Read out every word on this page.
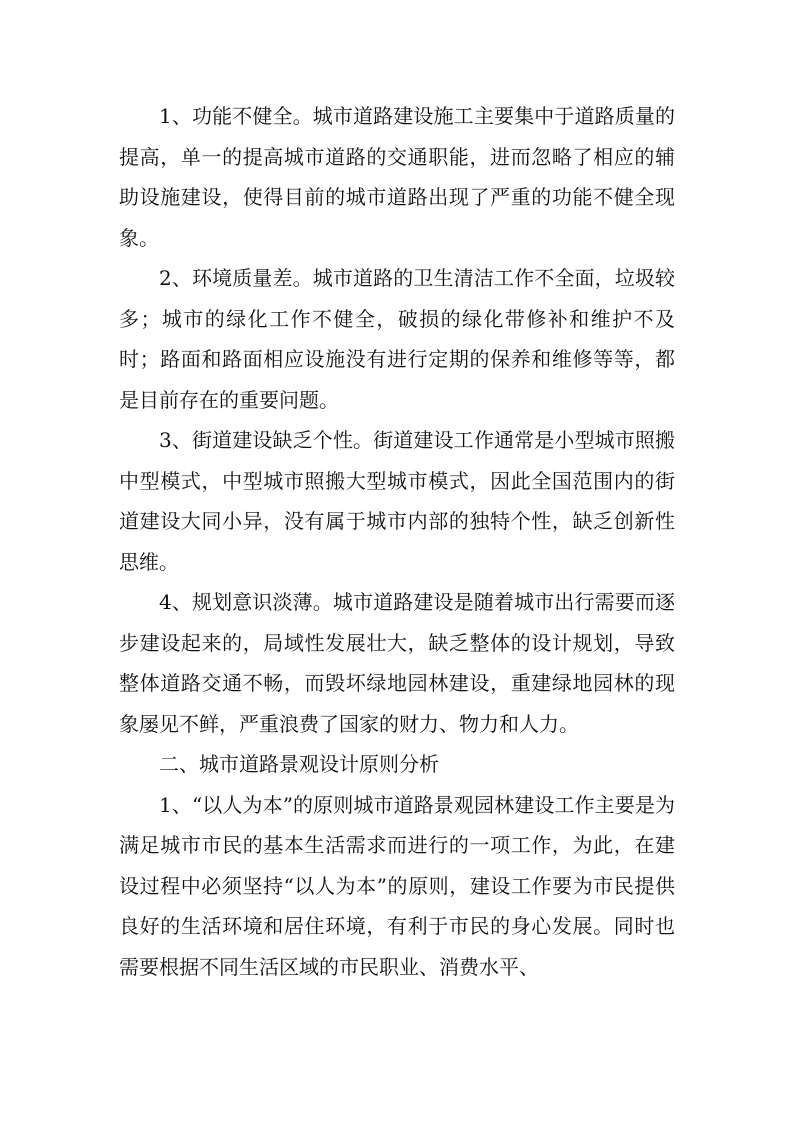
1、功能不健全。城市道路建设施工主要集中于道路质量的提高，单一的提高城市道路的交通职能，进而忽略了相应的辅助设施建设，使得目前的城市道路出现了严重的功能不健全现象。

2、环境质量差。城市道路的卫生清洁工作不全面，垃圾较多；城市的绿化工作不健全，破损的绿化带修补和维护不及时；路面和路面相应设施没有进行定期的保养和维修等等，都是目前存在的重要问题。

3、街道建设缺乏个性。街道建设工作通常是小型城市照搬中型模式，中型城市照搬大型城市模式，因此全国范围内的街道建设大同小异，没有属于城市内部的独特个性，缺乏创新性思维。

4、规划意识淡薄。城市道路建设是随着城市出行需要而逐步建设起来的，局域性发展壮大，缺乏整体的设计规划，导致整体道路交通不畅，而毁坏绿地园林建设，重建绿地园林的现象屡见不鲜，严重浪费了国家的财力、物力和人力。

二、城市道路景观设计原则分析

1、“以人为本”的原则城市道路景观园林建设工作主要是为满足城市市民的基本生活需求而进行的一项工作，为此，在建设过程中必须坚持“以人为本”的原则，建设工作要为市民提供良好的生活环境和居住环境，有利于市民的身心发展。同时也需要根据不同生活区域的市民职业、消费水平、
